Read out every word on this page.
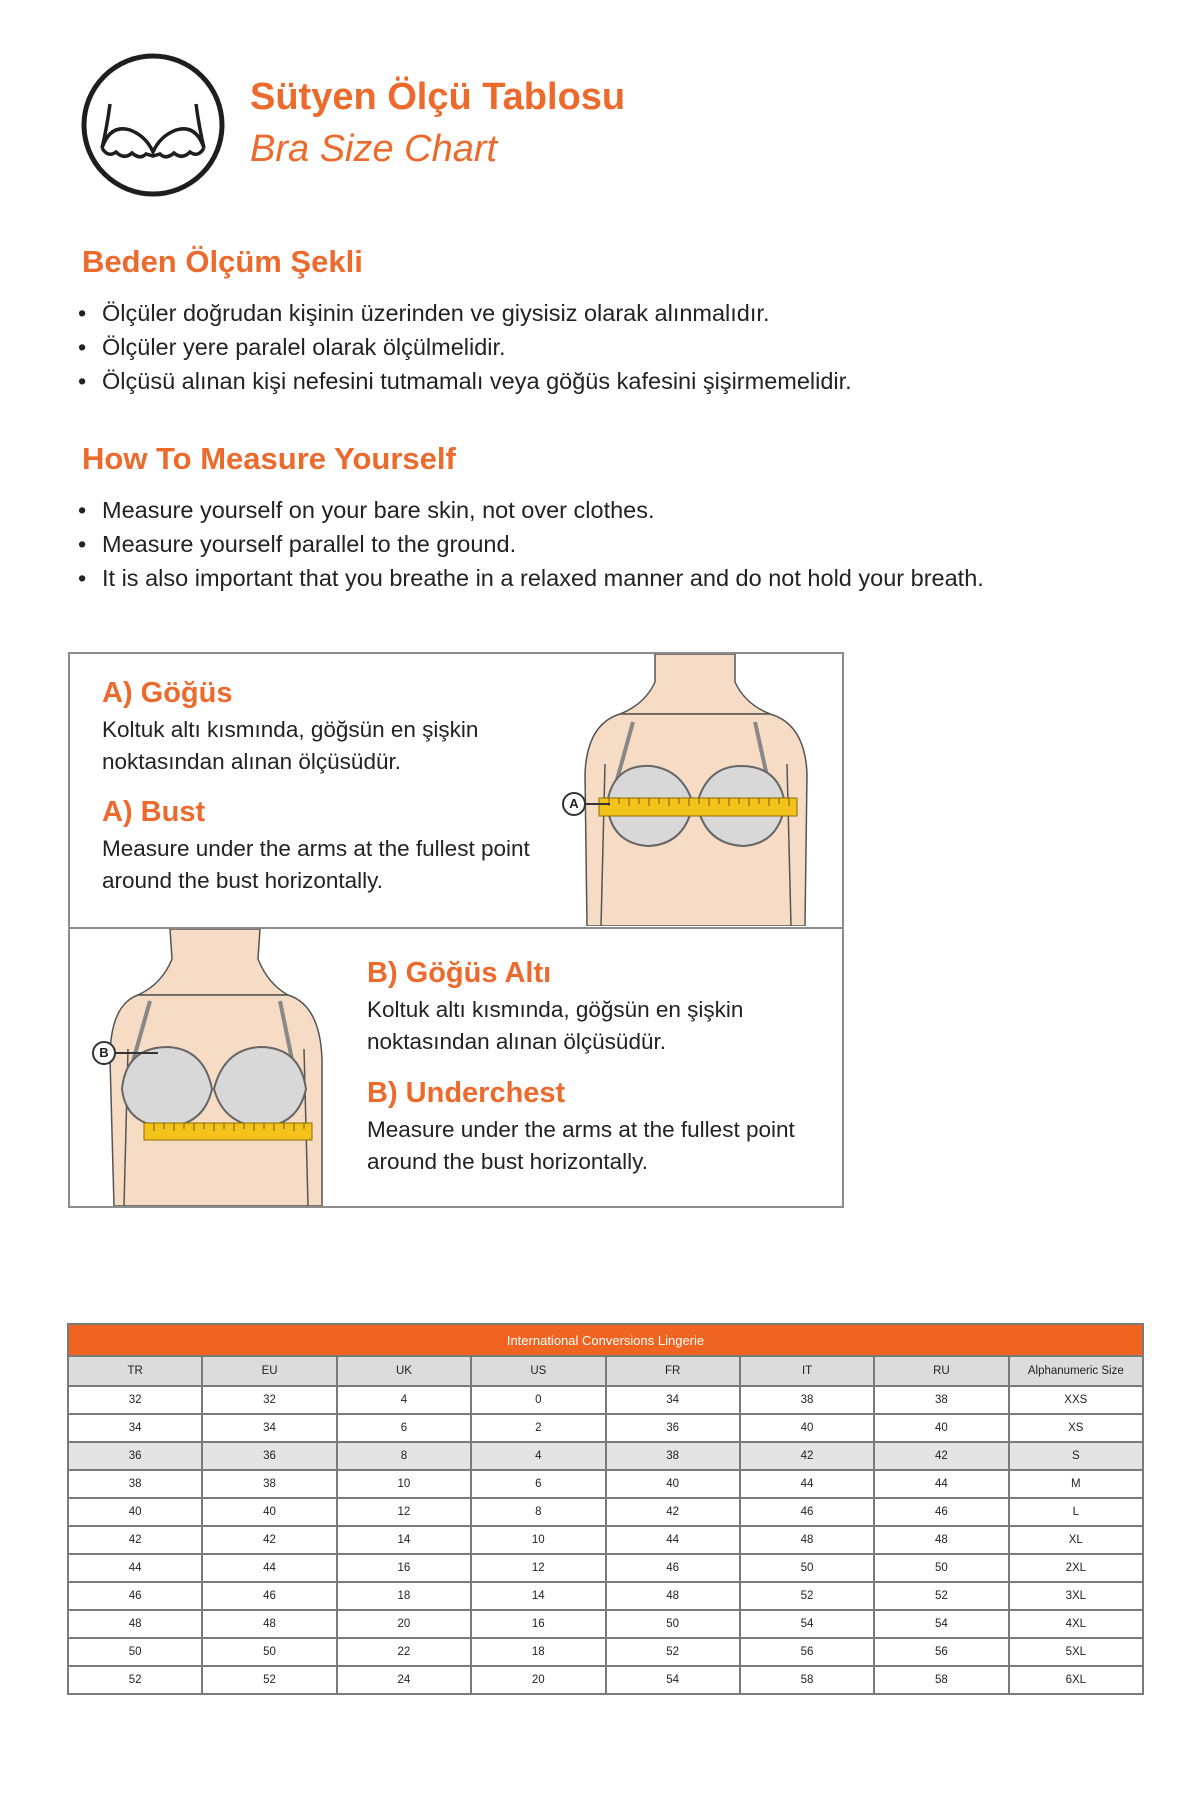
Sütyen Ölçü Tablosu
Bra Size Chart
Beden Ölçüm Şekli
• Ölçüler doğrudan kişinin üzerinden ve giysisiz olarak alınmalıdır.
• Ölçüler yere paralel olarak ölçülmelidir.
• Ölçüsü alınan kişi nefesini tutmamalı veya göğüs kafesini şişirmemelidir.
How To Measure Yourself
• Measure yourself on your bare skin, not over clothes.
• Measure yourself parallel to the ground.
• It is also important that you breathe in a relaxed manner and do not hold your breath.
A) Göğüs
Koltuk altı kısmında, göğsün en şişkin noktasından alınan ölçüsüdür.
A) Bust
Measure under the arms at the fullest point around the bust horizontally.
A
B
B) Göğüs Altı
Koltuk altı kısmında, göğsün en şişkin noktasından alınan ölçüsüdür.
B) Underchest
Measure under the arms at the fullest point around the bust horizontally.
International Conversions Lingerie							
TR	EU	UK	US	FR	IT	RU	Alphanumeric Size
32	32	4	0	34	38	38	XXS
34	34	6	2	36	40	40	XS
36	36	8	4	38	42	42	S
38	38	10	6	40	44	44	M
40	40	12	8	42	46	46	L
42	42	14	10	44	48	48	XL
44	44	16	12	46	50	50	2XL
46	46	18	14	48	52	52	3XL
48	48	20	16	50	54	54	4XL
50	50	22	18	52	56	56	5XL
52	52	24	20	54	58	58	6XL
